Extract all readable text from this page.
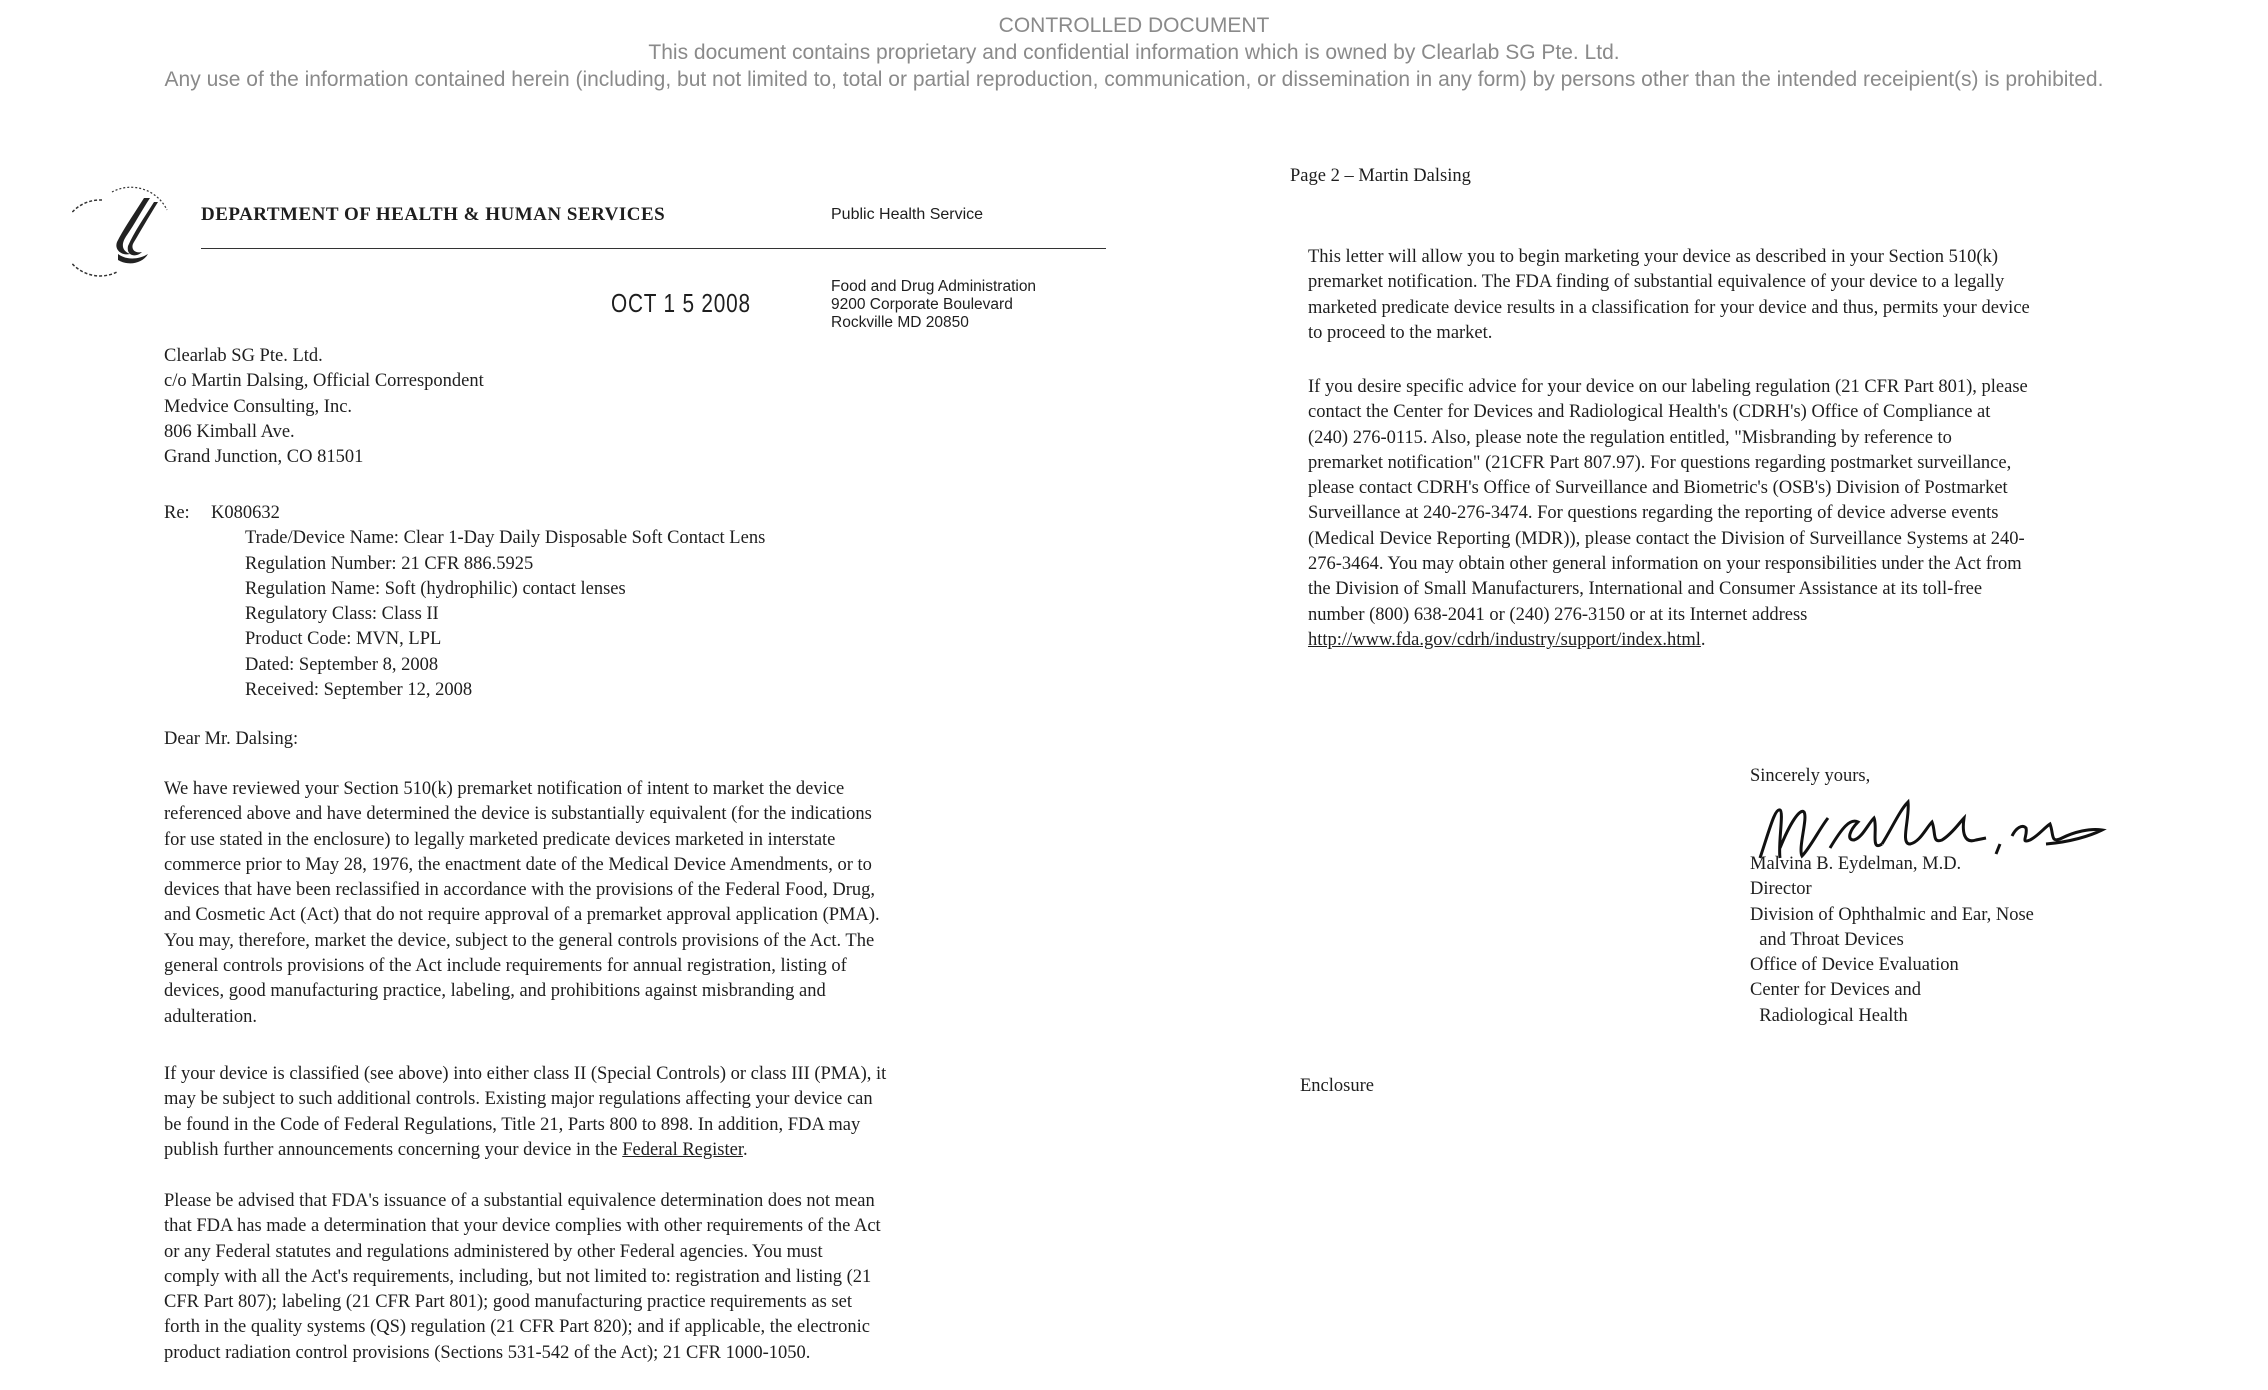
CONTROLLED DOCUMENT
This document contains proprietary and confidential information which is owned by Clearlab SG Pte. Ltd.
Any use of the information contained herein (including, but not limited to, total or partial reproduction, communication, or dissemination in any form) by persons other than the intended receipient(s) is prohibited.
DEPARTMENT OF HEALTH & HUMAN SERVICES	Public Health Service
OCT 1 5 2008
Food and Drug Administration
9200 Corporate Boulevard
Rockville MD 20850
Clearlab SG Pte. Ltd.
c/o Martin Dalsing, Official Correspondent
Medvice Consulting, Inc.
806 Kimball Ave.
Grand Junction, CO 81501
Re: K080632
Trade/Device Name: Clear 1-Day Daily Disposable Soft Contact Lens
Regulation Number: 21 CFR 886.5925
Regulation Name: Soft (hydrophilic) contact lenses
Regulatory Class: Class II
Product Code: MVN, LPL
Dated: September 8, 2008
Received: September 12, 2008
Dear Mr. Dalsing:
We have reviewed your Section 510(k) premarket notification of intent to market the device
referenced above and have determined the device is substantially equivalent (for the indications
for use stated in the enclosure) to legally marketed predicate devices marketed in interstate
commerce prior to May 28, 1976, the enactment date of the Medical Device Amendments, or to
devices that have been reclassified in accordance with the provisions of the Federal Food, Drug,
and Cosmetic Act (Act) that do not require approval of a premarket approval application (PMA).
You may, therefore, market the device, subject to the general controls provisions of the Act. The
general controls provisions of the Act include requirements for annual registration, listing of
devices, good manufacturing practice, labeling, and prohibitions against misbranding and
adulteration.
If your device is classified (see above) into either class II (Special Controls) or class III (PMA), it
may be subject to such additional controls. Existing major regulations affecting your device can
be found in the Code of Federal Regulations, Title 21, Parts 800 to 898. In addition, FDA may
publish further announcements concerning your device in the Federal Register.
Please be advised that FDA's issuance of a substantial equivalence determination does not mean
that FDA has made a determination that your device complies with other requirements of the Act
or any Federal statutes and regulations administered by other Federal agencies. You must
comply with all the Act's requirements, including, but not limited to: registration and listing (21
CFR Part 807); labeling (21 CFR Part 801); good manufacturing practice requirements as set
forth in the quality systems (QS) regulation (21 CFR Part 820); and if applicable, the electronic
product radiation control provisions (Sections 531-542 of the Act); 21 CFR 1000-1050.
Page 2 – Martin Dalsing
This letter will allow you to begin marketing your device as described in your Section 510(k)
premarket notification. The FDA finding of substantial equivalence of your device to a legally
marketed predicate device results in a classification for your device and thus, permits your device
to proceed to the market.
If you desire specific advice for your device on our labeling regulation (21 CFR Part 801), please
contact the Center for Devices and Radiological Health's (CDRH's) Office of Compliance at
(240) 276-0115. Also, please note the regulation entitled, "Misbranding by reference to
premarket notification" (21CFR Part 807.97). For questions regarding postmarket surveillance,
please contact CDRH's Office of Surveillance and Biometric's (OSB's) Division of Postmarket
Surveillance at 240-276-3474. For questions regarding the reporting of device adverse events
(Medical Device Reporting (MDR)), please contact the Division of Surveillance Systems at 240-
276-3464. You may obtain other general information on your responsibilities under the Act from
the Division of Small Manufacturers, International and Consumer Assistance at its toll-free
number (800) 638-2041 or (240) 276-3150 or at its Internet address
http://www.fda.gov/cdrh/industry/support/index.html.
Sincerely yours,
Malvina B. Eydelman, M.D.
Director
Division of Ophthalmic and Ear, Nose
and Throat Devices
Office of Device Evaluation
Center for Devices and
Radiological Health
Enclosure
